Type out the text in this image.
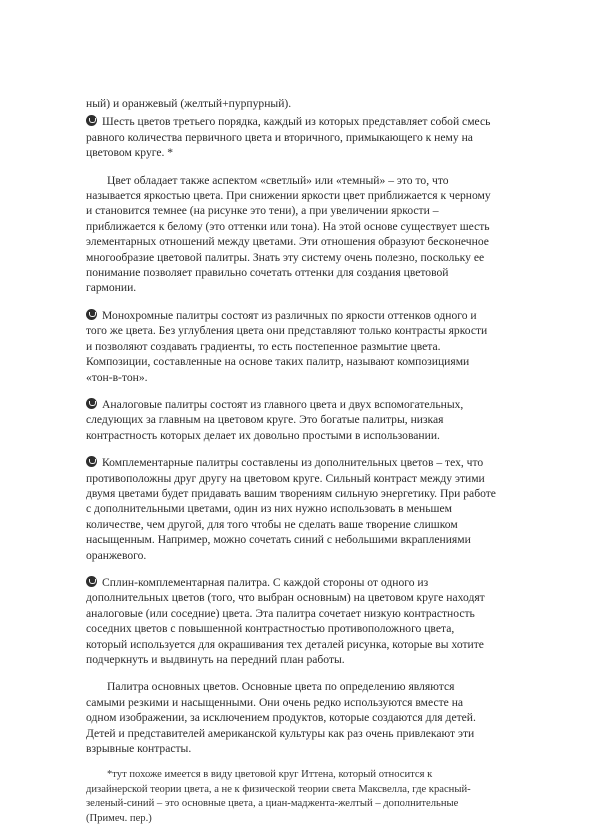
ный) и оранжевый (желтый+пурпурный).

Шесть цветов третьего порядка, каждый из которых представляет собой смесь равного количества первичного цвета и вторичного, примыкающего к нему на цветовом круге. *

Цвет обладает также аспектом «светлый» или «темный» – это то, что называется яркостью цвета. При снижении яркости цвет приближается к черному и становится темнее (на рисунке это тени), а при увеличении яркости – приближается к белому (это оттенки или тона). На этой основе существует шесть элементарных отношений между цветами. Эти отношения образуют бесконечное многообразие цветовой палитры. Знать эту систему очень полезно, поскольку ее понимание позволяет правильно сочетать оттенки для создания цветовой гармонии.

Монохромные палитры состоят из различных по яркости оттенков одного и того же цвета. Без углубления цвета они представляют только контрасты яркости и позволяют создавать градиенты, то есть постепенное размытие цвета. Композиции, составленные на основе таких палитр, называют композициями «тон-в-тон».

Аналоговые палитры состоят из главного цвета и двух вспомогательных, следующих за главным на цветовом круге. Это богатые палитры, низкая контрастность которых делает их довольно простыми в использовании.

Комплементарные палитры составлены из дополнительных цветов – тех, что противоположны друг другу на цветовом круге. Сильный контраст между этими двумя цветами будет придавать вашим творениям сильную энергетику. При работе с дополнительными цветами, один из них нужно использовать в меньшем количестве, чем другой, для того чтобы не сделать ваше творение слишком насыщенным. Например, можно сочетать синий с небольшими вкраплениями оранжевого.

Сплин-комплементарная палитра. С каждой стороны от одного из дополнительных цветов (того, что выбран основным) на цветовом круге находят аналоговые (или соседние) цвета. Эта палитра сочетает низкую контрастность соседних цветов с повышенной контрастностью противоположного цвета, который используется для окрашивания тех деталей рисунка, которые вы хотите подчеркнуть и выдвинуть на передний план работы.

Палитра основных цветов. Основные цвета по определению являются самыми резкими и насыщенными. Они очень редко используются вместе на одном изображении, за исключением продуктов, которые создаются для детей. Детей и представителей американской культуры как раз очень привлекают эти взрывные контрасты.

*тут похоже имеется в виду цветовой круг Иттена, который относится к дизайнерской теории цвета, а не к физической теории света Максвелла, где красный-зеленый-синий – это основные цвета, а циан-маджента-желтый – дополнительные (Примеч. пер.)
